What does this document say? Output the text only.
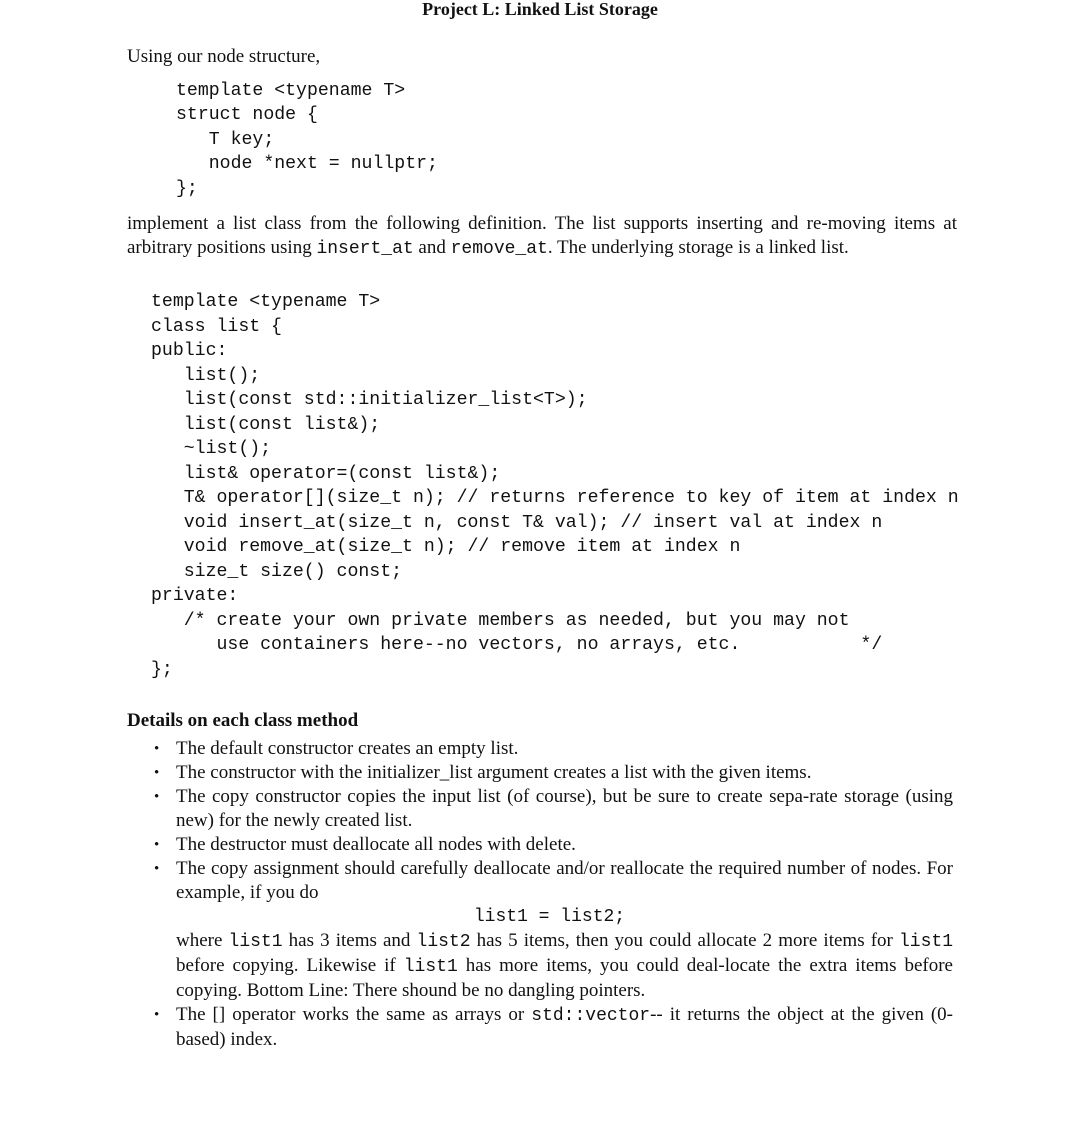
Project L: Linked List Storage

Using our node structure,

template <typename T>
struct node {
T key;
node *next = nullptr;
};

implement a list class from the following definition. The list supports inserting and re-moving items at arbitrary positions using insert_at and remove_at. The underlying storage is a linked list.

template <typename T>
class list {
public:
list();
list(const std::initializer_list<T>);
list(const list&);
~list();
list& operator=(const list&);
T& operator[](size_t n); // returns reference to key of item at index n
void insert_at(size_t n, const T& val); // insert val at index n
void remove_at(size_t n); // remove item at index n
size_t size() const;
private:
/* create your own private members as needed, but you may not
use containers here--no vectors, no arrays, etc.           */
};
Details on each class method
• The default constructor creates an empty list.
• The constructor with the initializer_list argument creates a list with the given items.
• The copy constructor copies the input list (of course), but be sure to create sepa-rate storage (using new) for the newly created list.
• The destructor must deallocate all nodes with delete.
• The copy assignment should carefully deallocate and/or reallocate the required number of nodes. For example, if you do
list1 = list2;
where list1 has 3 items and list2 has 5 items, then you could allocate 2 more items for list1 before copying. Likewise if list1 has more items, you could deal-locate the extra items before copying. Bottom Line: There shound be no dangling pointers.
• The [] operator works the same as arrays or std::vector-- it returns the object at the given (0-based) index.
